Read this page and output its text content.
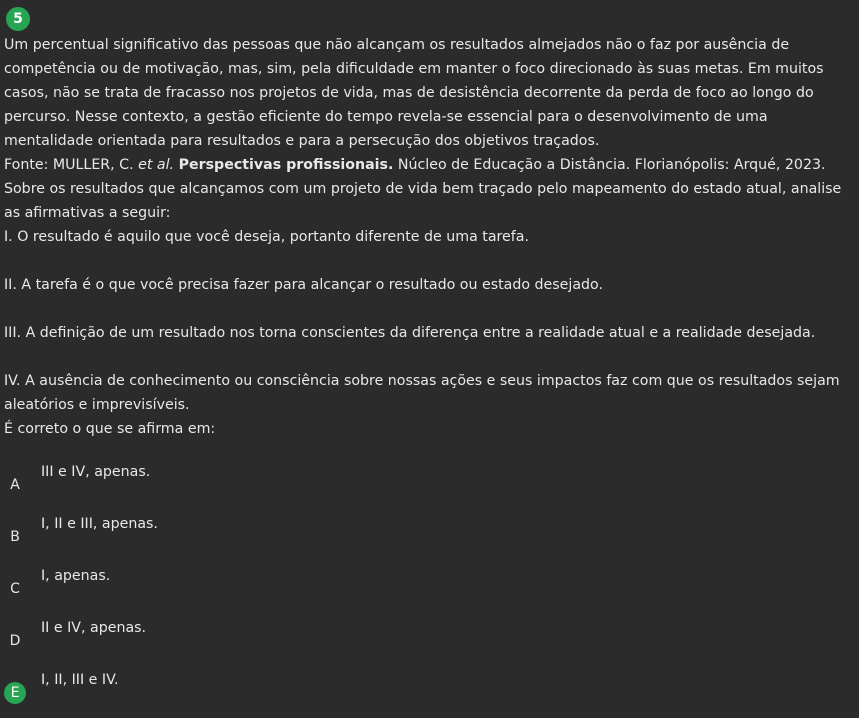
5

Um percentual significativo das pessoas que não alcançam os resultados almejados não o faz por ausência de competência ou de motivação, mas, sim, pela dificuldade em manter o foco direcionado às suas metas. Em muitos casos, não se trata de fracasso nos projetos de vida, mas de desistência decorrente da perda de foco ao longo do percurso. Nesse contexto, a gestão eficiente do tempo revela-se essencial para o desenvolvimento de uma mentalidade orientada para resultados e para a persecução dos objetivos traçados.

Fonte: MULLER, C. et al. Perspectivas profissionais. Núcleo de Educação a Distância. Florianópolis: Arqué, 2023.

Sobre os resultados que alcançamos com um projeto de vida bem traçado pelo mapeamento do estado atual, analise as afirmativas a seguir:

I. O resultado é aquilo que você deseja, portanto diferente de uma tarefa.

II. A tarefa é o que você precisa fazer para alcançar o resultado ou estado desejado.

III. A definição de um resultado nos torna conscientes da diferença entre a realidade atual e a realidade desejada.

IV. A ausência de conhecimento ou consciência sobre nossas ações e seus impactos faz com que os resultados sejam aleatórios e imprevisíveis.

É correto o que se afirma em:

A
III e IV, apenas.
B
I, II e III, apenas.
C
I, apenas.
D
II e IV, apenas.
E
I, II, III e IV.
